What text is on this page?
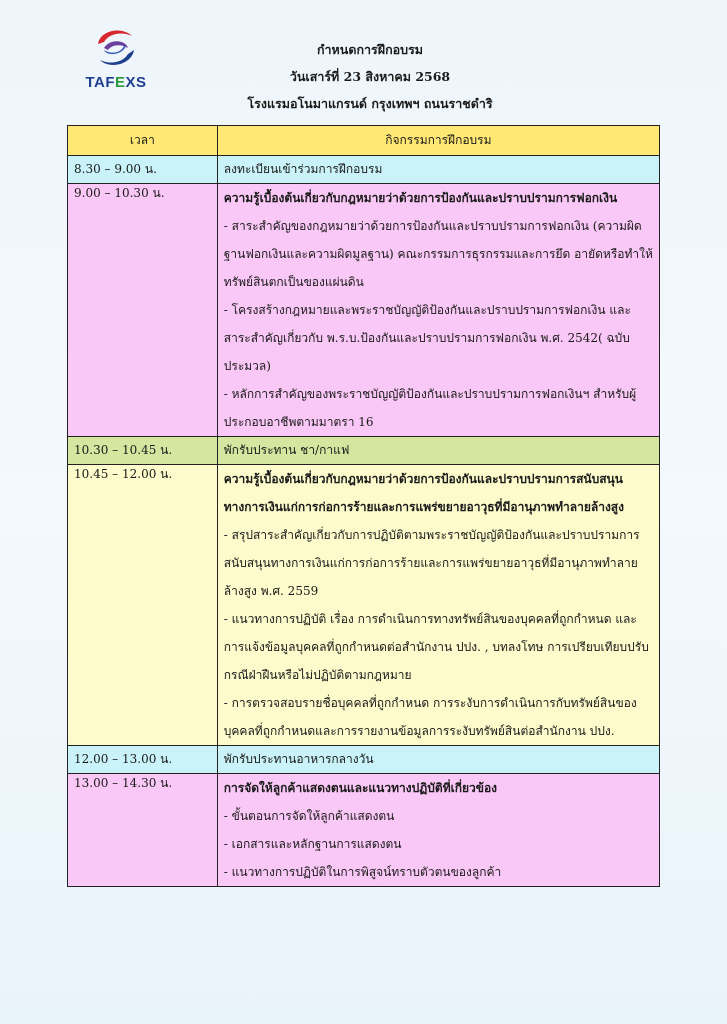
TAFEXS
กำหนดการฝึกอบรม
วันเสาร์ที่ 23 สิงหาคม 2568
โรงแรมอโนมาแกรนด์ กรุงเทพฯ ถนนราชดำริ
เวลา	กิจกรรมการฝึกอบรม
8.30 – 9.00 น.	ลงทะเบียนเข้าร่วมการฝึกอบรม
9.00 – 10.30 น.	ความรู้เบื้องต้นเกี่ยวกับกฎหมายว่าด้วยการป้องกันและปราบปรามการฟอกเงิน
- สาระสำคัญของกฎหมายว่าด้วยการป้องกันและปราบปรามการฟอกเงิน (ความผิดฐานฟอกเงินและความผิดมูลฐาน) คณะกรรมการธุรกรรมและการยึด อายัดหรือทำให้ทรัพย์สินตกเป็นของแผ่นดิน
- โครงสร้างกฎหมายและพระราชบัญญัติป้องกันและปราบปรามการฟอกเงิน และสาระสำคัญเกี่ยวกับ พ.ร.บ.ป้องกันและปราบปรามการฟอกเงิน พ.ศ. 2542( ฉบับประมวล)
- หลักการสำคัญของพระราชบัญญัติป้องกันและปราบปรามการฟอกเงินฯ สำหรับผู้ประกอบอาชีพตามมาตรา 16

10.30 – 10.45 น.	พักรับประทาน ชา/กาแฟ
10.45 – 12.00 น.	ความรู้เบื้องต้นเกี่ยวกับกฎหมายว่าด้วยการป้องกันและปราบปรามการสนับสนุนทางการเงินแก่การก่อการร้ายและการแพร่ขยายอาวุธที่มีอานุภาพทำลายล้างสูง
- สรุปสาระสำคัญเกี่ยวกับการปฏิบัติตามพระราชบัญญัติป้องกันและปราบปรามการสนับสนุนทางการเงินแก่การก่อการร้ายและการแพร่ขยายอาวุธที่มีอานุภาพทำลายล้างสูง พ.ศ. 2559
- แนวทางการปฏิบัติ เรื่อง การดำเนินการทางทรัพย์สินของบุคคลที่ถูกกำหนด และการแจ้งข้อมูลบุคคลที่ถูกกำหนดต่อสำนักงาน ปปง. , บทลงโทษ การเปรียบเทียบปรับกรณีฝ่าฝืนหรือไม่ปฏิบัติตามกฎหมาย
- การตรวจสอบรายชื่อบุคคลที่ถูกกำหนด การระงับการดำเนินการกับทรัพย์สินของบุคคลที่ถูกกำหนดและการรายงานข้อมูลการระงับทรัพย์สินต่อสำนักงาน ปปง.

12.00 – 13.00 น.	พักรับประทานอาหารกลางวัน
13.00 – 14.30 น.	การจัดให้ลูกค้าแสดงตนและแนวทางปฏิบัติที่เกี่ยวข้อง
- ขั้นตอนการจัดให้ลูกค้าแสดงตน
- เอกสารและหลักฐานการแสดงตน
- แนวทางการปฏิบัติในการพิสูจน์ทราบตัวตนของลูกค้า
